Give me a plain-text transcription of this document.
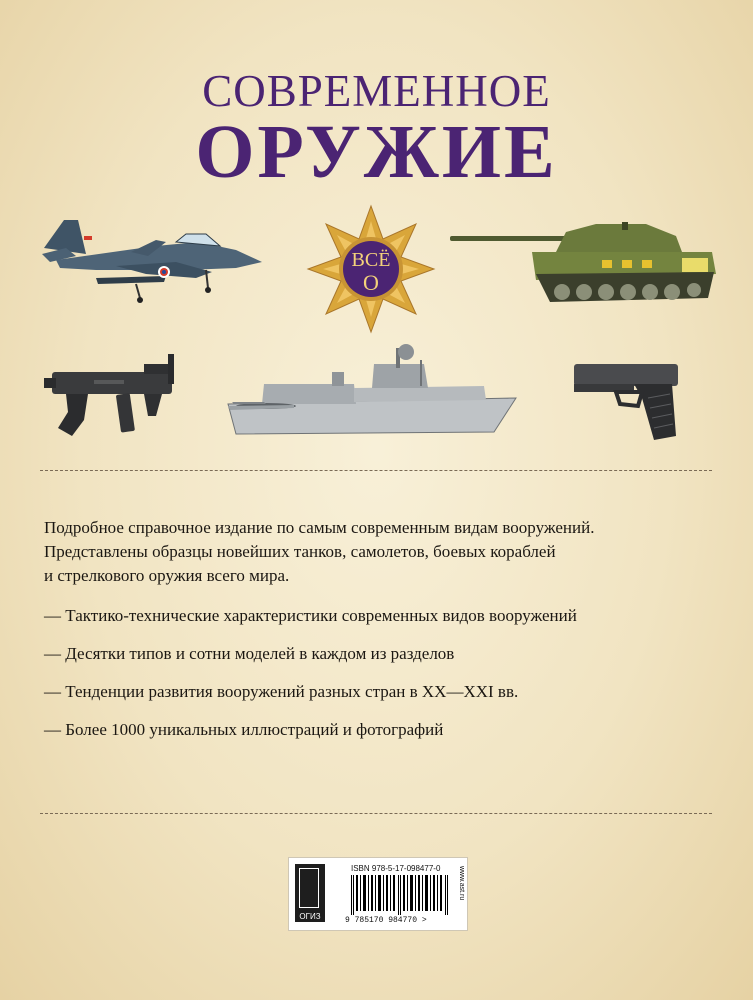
СОВРЕМЕННОЕ
ОРУЖИЕ
ВСЁ
О
Подробное справочное издание по самым современным видам вооружений.
Представлены образцы новейших танков, самолетов, боевых кораблей
и стрелкового оружия всего мира.
— Тактико-технические характеристики современных видов вооружений
— Десятки типов и сотни моделей в каждом из разделов
— Тенденции развития вооружений разных стран в XX—XXI вв.
— Более 1000 уникальных иллюстраций и фотографий
ОГИЗ
ISBN 978-5-17-098477-0
9 785170 984770 >
www.ast.ru
